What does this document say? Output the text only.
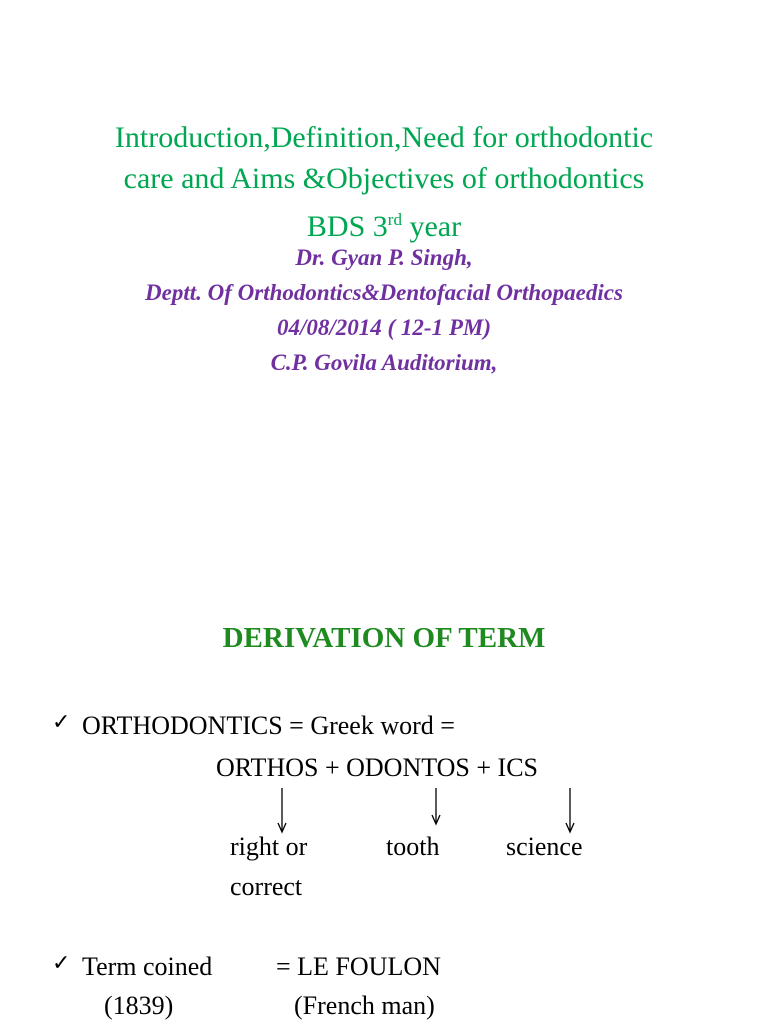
Introduction,Definition,Need for orthodontic
care and Aims &Objectives of orthodontics
BDS 3rd year
Dr. Gyan P. Singh,
Deptt. Of Orthodontics&Dentofacial Orthopaedics
04/08/2014 ( 12-1 PM)
C.P. Govila Auditorium,
DERIVATION OF TERM
✓ ORTHODONTICS = Greek word =
ORTHOS + ODONTOS + ICS
right or
correct
tooth	science
✓ Term coined = LE FOULON
(1839)	(French man)
